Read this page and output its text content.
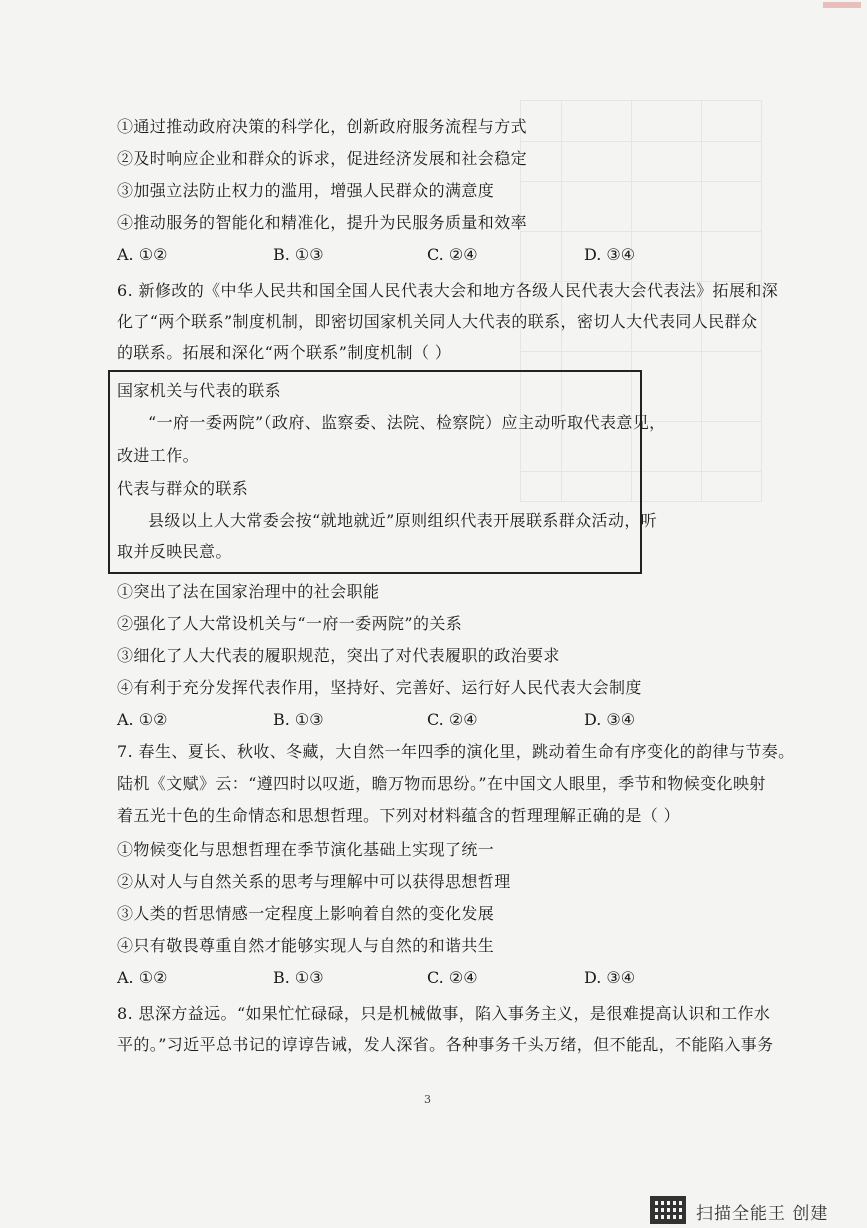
①通过推动政府决策的科学化，创新政府服务流程与方式
②及时响应企业和群众的诉求，促进经济发展和社会稳定
③加强立法防止权力的滥用，增强人民群众的满意度
④推动服务的智能化和精准化，提升为民服务质量和效率
A. ①②	B. ①③	C. ②④	D. ③④
6. 新修改的《中华人民共和国全国人民代表大会和地方各级人民代表大会代表法》拓展和深
化了“两个联系”制度机制，即密切国家机关同人大代表的联系，密切人大代表同人民群众
的联系。拓展和深化“两个联系”制度机制（ ）
国家机关与代表的联系
“一府一委两院”（政府、监察委、法院、检察院）应主动听取代表意见，
改进工作。
代表与群众的联系
县级以上人大常委会按“就地就近”原则组织代表开展联系群众活动，听
取并反映民意。
①突出了法在国家治理中的社会职能
②强化了人大常设机关与“一府一委两院”的关系
③细化了人大代表的履职规范，突出了对代表履职的政治要求
④有利于充分发挥代表作用，坚持好、完善好、运行好人民代表大会制度
A. ①②	B. ①③	C. ②④	D. ③④
7. 春生、夏长、秋收、冬藏，大自然一年四季的演化里，跳动着生命有序变化的韵律与节奏。
陆机《文赋》云：“遵四时以叹逝，瞻万物而思纷。”在中国文人眼里，季节和物候变化映射
着五光十色的生命情态和思想哲理。下列对材料蕴含的哲理理解正确的是（ ）
①物候变化与思想哲理在季节演化基础上实现了统一
②从对人与自然关系的思考与理解中可以获得思想哲理
③人类的哲思情感一定程度上影响着自然的变化发展
④只有敬畏尊重自然才能够实现人与自然的和谐共生
A. ①②	B. ①③	C. ②④	D. ③④
8. 思深方益远。“如果忙忙碌碌，只是机械做事，陷入事务主义，是很难提高认识和工作水
平的。”习近平总书记的谆谆告诫，发人深省。各种事务千头万绪，但不能乱，不能陷入事务
3
扫描全能王 创建
